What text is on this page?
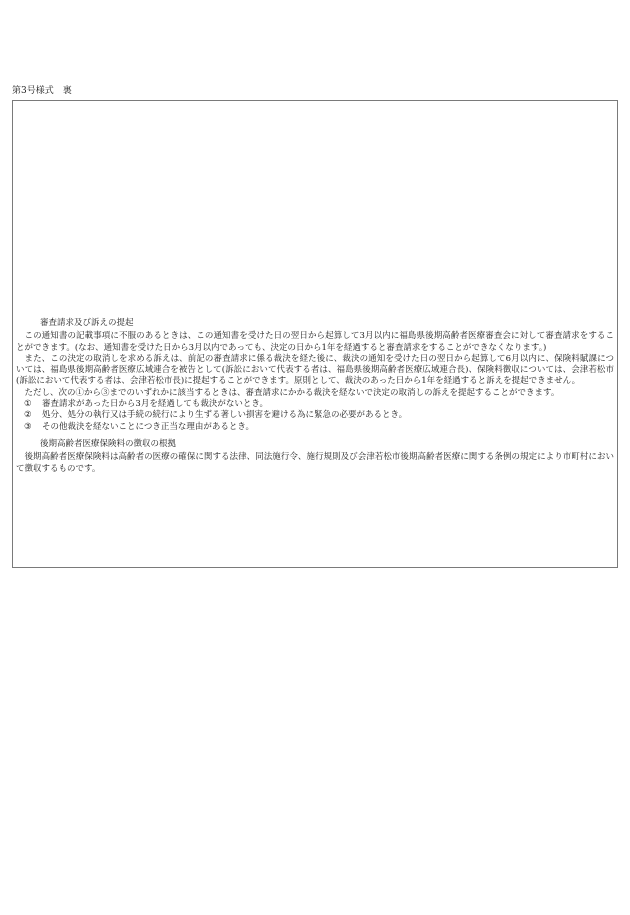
第3号様式　裏
審査請求及び訴えの提起

この通知書の記載事項に不服のあるときは、この通知書を受けた日の翌日から起算して3月以内に福島県後期高齢者医療審査会に対して審査請求をすることができます。(なお、通知書を受けた日から3月以内であっても、決定の日から1年を経過すると審査請求をすることができなくなります。)

また、この決定の取消しを求める訴えは、前記の審査請求に係る裁決を経た後に、裁決の通知を受けた日の翌日から起算して6月以内に、保険料賦課については、福島県後期高齢者医療広域連合を被告として(訴訟において代表する者は、福島県後期高齢者医療広域連合長)、保険料徴収については、会津若松市(訴訟において代表する者は、会津若松市長)に提起することができます。原則として、裁決のあった日から1年を経過すると訴えを提起できません。

ただし、次の①から③までのいずれかに該当するときは、審査請求にかかる裁決を経ないで決定の取消しの訴えを提起することができます。

① 審査請求があった日から3月を経過しても裁決がないとき。
② 処分、処分の執行又は手続の続行により生ずる著しい損害を避ける為に緊急の必要があるとき。
③ その他裁決を経ないことにつき正当な理由があるとき。
後期高齢者医療保険料の徴収の根拠

後期高齢者医療保険料は高齢者の医療の確保に関する法律、同法施行令、施行規則及び会津若松市後期高齢者医療に関する条例の規定により市町村において徴収するものです。
